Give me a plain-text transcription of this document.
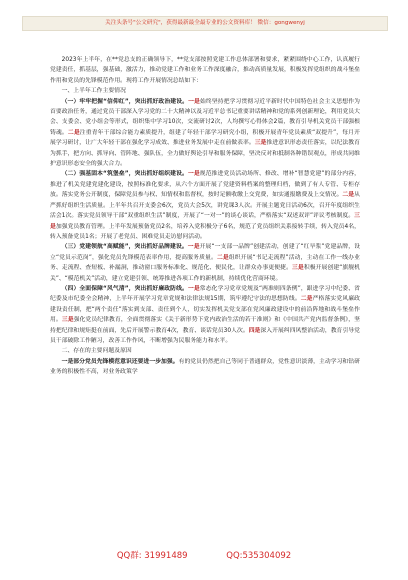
关注头条号"公文研究"，获得最新最全最专业的公文资料库！ 微信：gongwenyj

2023年上半年，在**党总支的正确领导下，**党支部按照党建工作总体部署和要求，紧紧围绕中心工作，认真履行党建责任，抓基层，强基础，激活力，推动党建工作和业务工作深度融合，推动高质量发展，积极发挥党组织的战斗堡垒作用和党员的先锋模范作用。现将工作开展情况总结如下：

一、上半年工作主要情况

（一）牢牢把握“信仰红”，突出抓好政治建设。一是始终坚持把学习贯彻习近平新时代中国特色社会主义思想作为首要政治任务，通过党员干部深入学习党的二十大精神以及习近平总书记重要讲话精神和党的系列创新理论，利用党员大会、支委会、党小组会等形式，组织集中学习10次，交流研讨2次，人均撰写心得体会2篇，教育引导机关党员干部强根铸魂。二是注重青年干部综合能力素质提升，组建了年轻干部学习研究小组，积极开展青年党员素质“双提升”，每月开展学习研讨，让广大年轻干部在强化学习成效、推进业务发展中走在前做表率。三是推进意识形态责任落实，以纪法教育为抓手，把方向、抓导向、管阵地、强队伍，全力做好舆论引导和服务保障，坚决反对和抵制各种错误观点，形成共同维护意识形态安全的强大合力。

（二）强基固本“筑堡垒”，突出抓好组织建设。一是规范推进党员活动场所、修改、增补“智慧党建”的部分内容，推进了机关党建党建化建设，按照标准化要求，从六个方面开展了党建资料档案的整理归档，做到了有人专管、专柜存放。落实党务公开制度，保障党员参与权、知情权和监督权，按时足额收缴上交党费，如实通报缴费及上交情况。二是从严抓好组织生活质量。上半年共召开支委会6次，党员大会5次，讲党课3人次。开展主题党日活动6次，召开年度组织生活会1次。落实党员领导干部“双重组织生活”制度，开展了“一对一”的谈心谈话，严格落实“双述双评”评议考核制度。三是加强党员教育管理。上半年发展预备党员2名，培养入党积极分子6名，规范了党员组织关系接转手续，转入党员4名，转入预备党员1名；开展了老党员、困难党员走访慰问活动。

（三）党建领航“高赋能”，突出抓好品牌建设。一是开展“一支部一品牌”创建活动，创建了“红旱浆”党建品牌，设立“党员示范岗”，强化党员先锋模范表率作用，提高服务质量。二是组织开展“书记走流程”活动，主动在工作一线办业务、走流程、查短板、补漏洞，推动窗口服务标准化、规范化、便民化，让群众办事更便捷。三是积极开展创建“旗舰机关”、“模范机关”活动，建立党建引领、统筹推进各项工作的新机制，持续优化营商环境。

（四）全面保障“风气清”，突出抓好廉政防线。一是常态化学习党章党规及“两准则四条例”，跟进学习中纪委、省纪委及市纪委全会精神，上半年开展学习党章党规和法律法规15期，筑牢遵纪守法的思想防线。二是严格落实党风廉政建设责任制，把“两个责任”落实到支部、责任到个人，切实发挥机关党支部在党风廉政建设中的前沿阵地和战斗堡垒作用。三是强化党员纪律教育，全面贯彻落实《关于新形势下党内政治生活的若干准则》和《中国共产党内监督条例》，坚持把纪律和规矩挺在前面，先后开展警示教育4次，教育、谈话党员30人次。四是深入开展纠四风整治活动，教育引导党员干部破除工作陋习，改善工作作风，不断增强为民服务能力和水平。

二、存在的主要问题及原因

一是部分党员先锋模范意识还要进一步加强。有的党员仍然把自己等同于普通群众，党性意识淡薄，主动学习和钻研业务的积极性不高，对业务政策学

QQ群: 31991489	QQ:535304092
